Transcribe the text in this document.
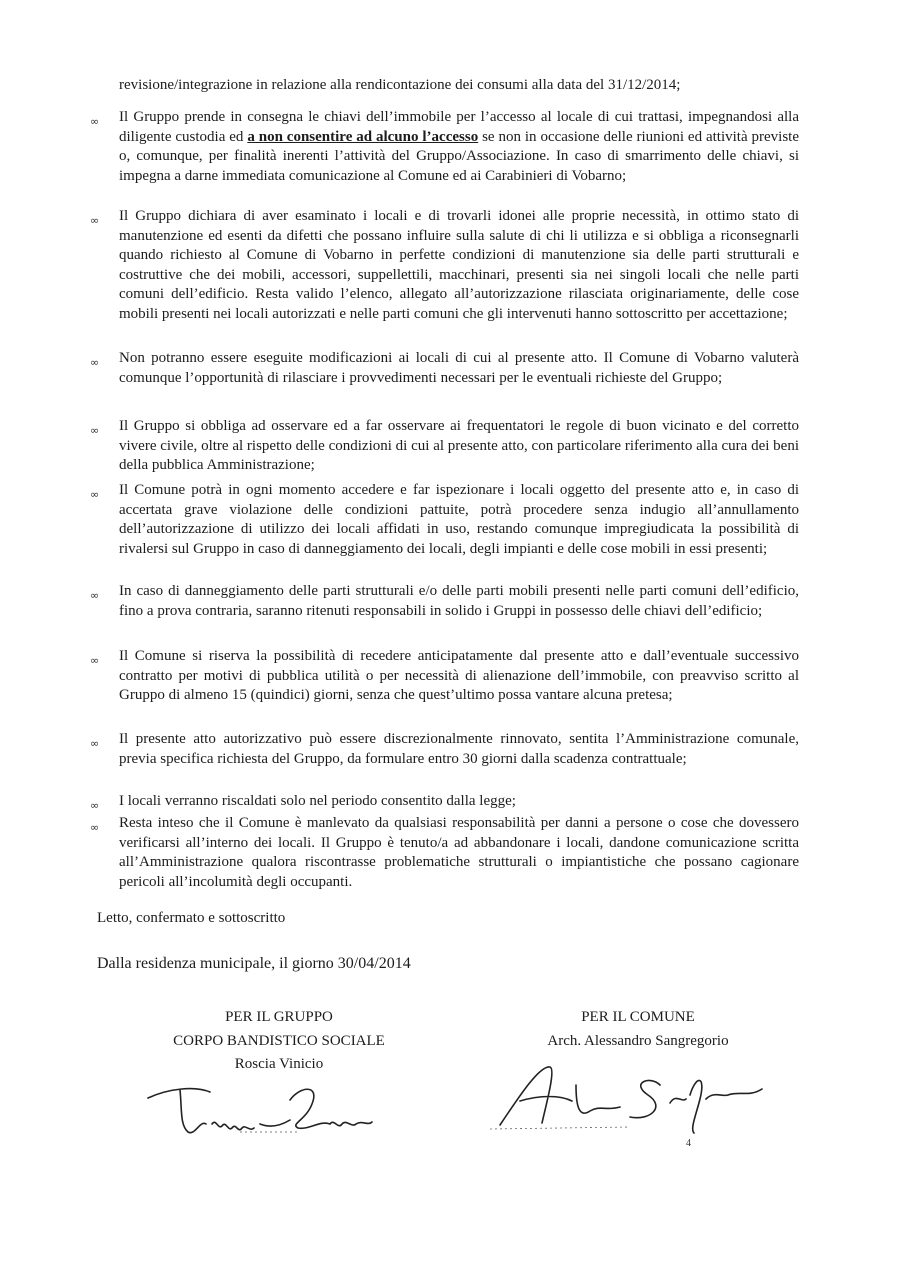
revisione/integrazione in relazione alla rendicontazione dei consumi alla data del 31/12/2014;
∞ Il Gruppo prende in consegna le chiavi dell’immobile per l’accesso al locale di cui trattasi, impegnandosi alla diligente custodia ed a non consentire ad alcuno l’accesso se non in occasione delle riunioni ed attività previste o, comunque, per finalità inerenti l’attività del Gruppo/Associazione. In caso di smarrimento delle chiavi, si impegna a darne immediata comunicazione al Comune ed ai Carabinieri di Vobarno;
∞ Il Gruppo dichiara di aver esaminato i locali e di trovarli idonei alle proprie necessità, in ottimo stato di manutenzione ed esenti da difetti che possano influire sulla salute di chi li utilizza e si obbliga a riconsegnarli quando richiesto al Comune di Vobarno in perfette condizioni di manutenzione sia delle parti strutturali e costruttive che dei mobili, accessori, suppellettili, macchinari, presenti sia nei singoli locali che nelle parti comuni dell’edificio. Resta valido l’elenco, allegato all’autorizzazione rilasciata originariamente, delle cose mobili presenti nei locali autorizzati e nelle parti comuni che gli intervenuti hanno sottoscritto per accettazione;
∞ Non potranno essere eseguite modificazioni ai locali di cui al presente atto. Il Comune di Vobarno valuterà comunque l’opportunità di rilasciare i provvedimenti necessari per le eventuali richieste del Gruppo;
∞ Il Gruppo si obbliga ad osservare ed a far osservare ai frequentatori le regole di buon vicinato e del corretto vivere civile, oltre al rispetto delle condizioni di cui al presente atto, con particolare riferimento alla cura dei beni della pubblica Amministrazione;
∞ Il Comune potrà in ogni momento accedere e far ispezionare i locali oggetto del presente atto e, in caso di accertata grave violazione delle condizioni pattuite, potrà procedere senza indugio all’annullamento dell’autorizzazione di utilizzo dei locali affidati in uso, restando comunque impregiudicata la possibilità di rivalersi sul Gruppo in caso di danneggiamento dei locali, degli impianti e delle cose mobili in essi presenti;
∞ In caso di danneggiamento delle parti strutturali e/o delle parti mobili presenti nelle parti comuni dell’edificio, fino a prova contraria, saranno ritenuti responsabili in solido i Gruppi in possesso delle chiavi dell’edificio;
∞ Il Comune si riserva la possibilità di recedere anticipatamente dal presente atto e dall’eventuale successivo contratto per motivi di pubblica utilità o per necessità di alienazione dell’immobile, con preavviso scritto al Gruppo di almeno 15 (quindici) giorni, senza che quest’ultimo possa vantare alcuna pretesa;
∞ Il presente atto autorizzativo può essere discrezionalmente rinnovato, sentita l’Amministrazione comunale, previa specifica richiesta del Gruppo, da formulare entro 30 giorni dalla scadenza contrattuale;
∞ I locali verranno riscaldati solo nel periodo consentito dalla legge;
∞ Resta inteso che il Comune è manlevato da qualsiasi responsabilità per danni a persone o cose che dovessero verificarsi all’interno dei locali. Il Gruppo è tenuto/a ad abbandonare i locali, dandone comunicazione scritta all’Amministrazione qualora riscontrasse problematiche strutturali o impiantistiche che possano cagionare pericoli all’incolumità degli occupanti.
Letto, confermato e sottoscritto
Dalla residenza municipale, il giorno 30/04/2014
PER IL GRUPPO
CORPO BANDISTICO SOCIALE
Roscia Vinicio
PER IL COMUNE
Arch. Alessandro Sangregorio
4
